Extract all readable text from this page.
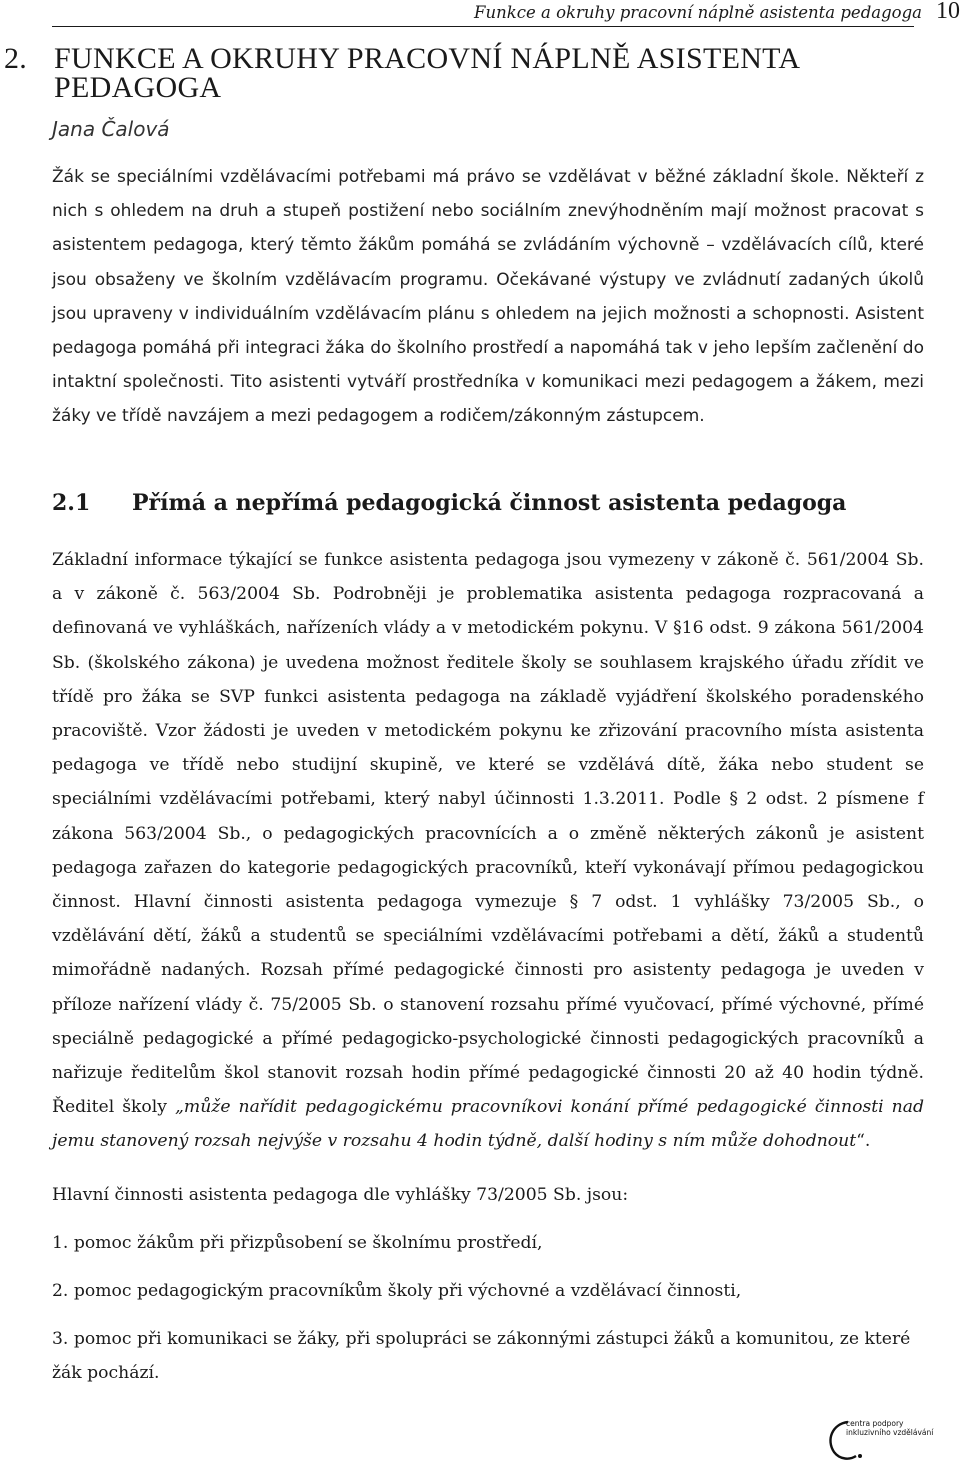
Funkce a okruhy pracovní náplně asistenta pedagoga 10
2. FUNKCE A OKRUHY PRACOVNÍ NÁPLNĚ ASISTENTA PEDAGOGA
Jana Čalová

Žák se speciálními vzdělávacími potřebami má právo se vzdělávat v běžné základní škole. Někteří z nich s ohledem na druh a stupeň postižení nebo sociálním znevýhodněním mají možnost pracovat s asistentem pedagoga, který těmto žákům pomáhá se zvládáním výchovně – vzdělávacích cílů, které jsou obsaženy ve školním vzdělávacím programu. Očekávané výstupy ve zvládnutí zadaných úkolů jsou upraveny v individuálním vzdělávacím plánu s ohledem na jejich možnosti a schopnosti. Asistent pedagoga pomáhá při integraci žáka do školního prostředí a napomáhá tak v jeho lepším začlenění do intaktní společnosti. Tito asistenti vytváří prostředníka v komunikaci mezi pedagogem a žákem, mezi žáky ve třídě navzájem a mezi pedagogem a rodičem/zákonným zástupcem.

2.1 Přímá a nepřímá pedagogická činnost asistenta pedagoga

Základní informace týkající se funkce asistenta pedagoga jsou vymezeny v zákoně č. 561/2004 Sb. a v zákoně č. 563/2004 Sb. Podrobněji je problematika asistenta pedagoga rozpracovaná a definovaná ve vyhláškách, nařízeních vlády a v metodickém pokynu. V §16 odst. 9 zákona 561/2004 Sb. (školského zákona) je uvedena možnost ředitele školy se souhlasem krajského úřadu zřídit ve třídě pro žáka se SVP funkci asistenta pedagoga na základě vyjádření školského poradenského pracoviště. Vzor žádosti je uveden v metodickém pokynu ke zřizování pracovního místa asistenta pedagoga ve třídě nebo studijní skupině, ve které se vzdělává dítě, žáka nebo student se speciálními vzdělávacími potřebami, který nabyl účinnosti 1.3.2011. Podle § 2 odst. 2 písmene f zákona 563/2004 Sb., o pedagogických pracovnících a o změně některých zákonů je asistent pedagoga zařazen do kategorie pedagogických pracovníků, kteří vykonávají přímou pedagogickou činnost. Hlavní činnosti asistenta pedagoga vymezuje § 7 odst. 1 vyhlášky 73/2005 Sb., o vzdělávání dětí, žáků a studentů se speciálními vzdělávacími potřebami a dětí, žáků a studentů mimořádně nadaných. Rozsah přímé pedagogické činnosti pro asistenty pedagoga je uveden v příloze nařízení vlády č. 75/2005 Sb. o stanovení rozsahu přímé vyučovací, přímé výchovné, přímé speciálně pedagogické a přímé pedagogicko-psychologické činnosti pedagogických pracovníků a nařizuje ředitelům škol stanovit rozsah hodin přímé pedagogické činnosti 20 až 40 hodin týdně. Ředitel školy „může nařídit pedagogickému pracovníkovi konání přímé pedagogické činnosti nad jemu stanovený rozsah nejvýše v rozsahu 4 hodin týdně, další hodiny s ním může dohodnout“.

Hlavní činnosti asistenta pedagoga dle vyhlášky 73/2005 Sb. jsou:

1. pomoc žákům při přizpůsobení se školnímu prostředí,
2. pomoc pedagogickým pracovníkům školy při výchovné a vzdělávací činnosti,
3. pomoc při komunikaci se žáky, při spolupráci se zákonnými zástupci žáků a komunitou, ze které žák pochází.
centra podpory
inkluzivního vzdělávání
